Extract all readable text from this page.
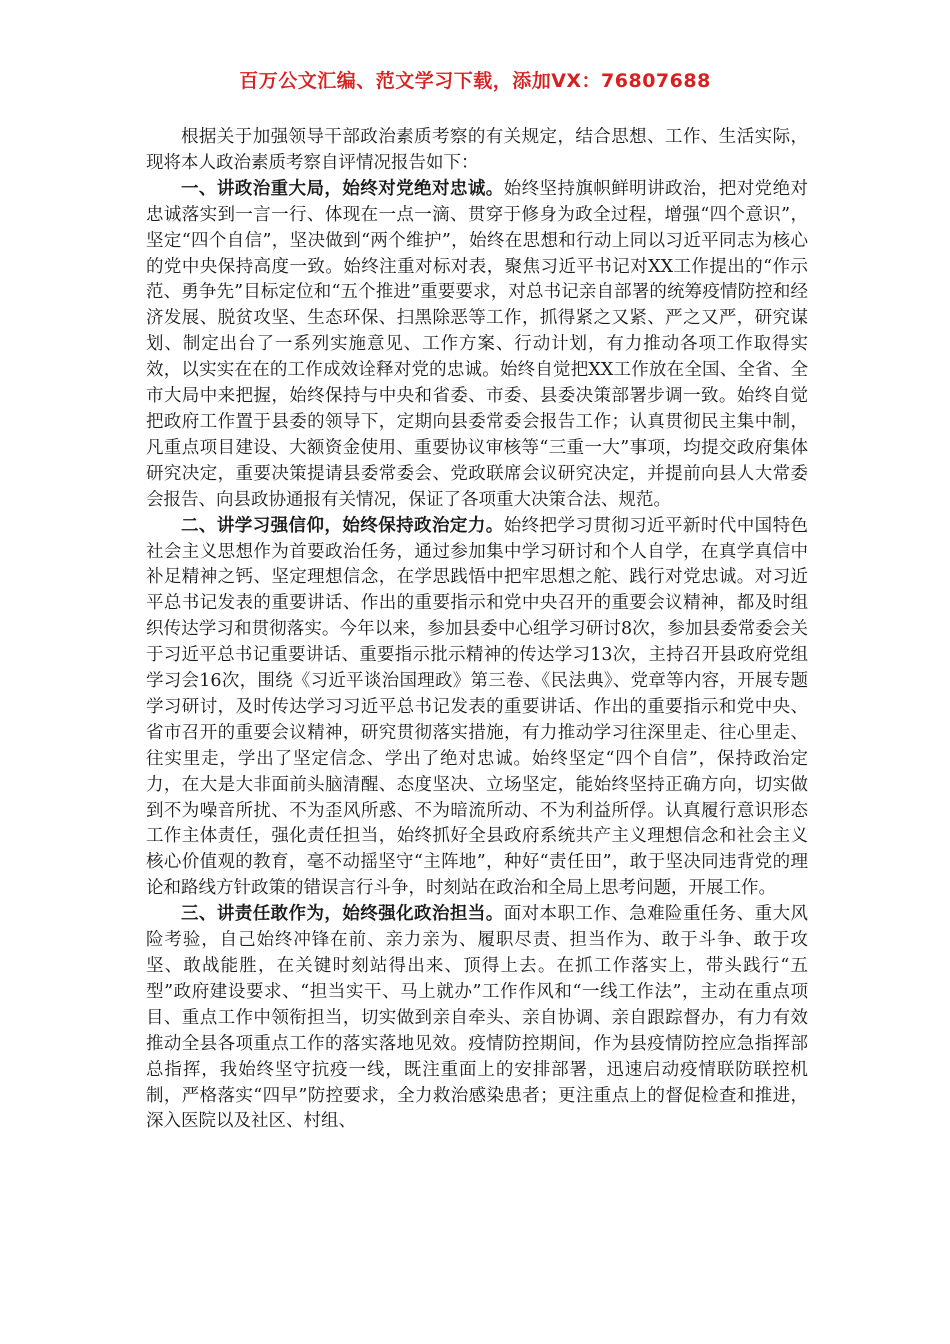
百万公文汇编、范文学习下载，添加VX：76807688

根据关于加强领导干部政治素质考察的有关规定，结合思想、工作、生活实际，现将本人政治素质考察自评情况报告如下：

一、讲政治重大局，始终对党绝对忠诚。始终坚持旗帜鲜明讲政治，把对党绝对忠诚落实到一言一行、体现在一点一滴、贯穿于修身为政全过程，增强“四个意识”，坚定“四个自信”，坚决做到“两个维护”，始终在思想和行动上同以习近平同志为核心的党中央保持高度一致。始终注重对标对表，聚焦习近平书记对XX工作提出的“作示范、勇争先”目标定位和“五个推进”重要要求，对总书记亲自部署的统筹疫情防控和经济发展、脱贫攻坚、生态环保、扫黑除恶等工作，抓得紧之又紧、严之又严，研究谋划、制定出台了一系列实施意见、工作方案、行动计划，有力推动各项工作取得实效，以实实在在的工作成效诠释对党的忠诚。始终自觉把XX工作放在全国、全省、全市大局中来把握，始终保持与中央和省委、市委、县委决策部署步调一致。始终自觉把政府工作置于县委的领导下，定期向县委常委会报告工作；认真贯彻民主集中制，凡重点项目建设、大额资金使用、重要协议审核等“三重一大”事项，均提交政府集体研究决定，重要决策提请县委常委会、党政联席会议研究决定，并提前向县人大常委会报告、向县政协通报有关情况，保证了各项重大决策合法、规范。

二、讲学习强信仰，始终保持政治定力。始终把学习贯彻习近平新时代中国特色社会主义思想作为首要政治任务，通过参加集中学习研讨和个人自学，在真学真信中补足精神之钙、坚定理想信念，在学思践悟中把牢思想之舵、践行对党忠诚。对习近平总书记发表的重要讲话、作出的重要指示和党中央召开的重要会议精神，都及时组织传达学习和贯彻落实。今年以来，参加县委中心组学习研讨8次，参加县委常委会关于习近平总书记重要讲话、重要指示批示精神的传达学习13次，主持召开县政府党组学习会16次，围绕《习近平谈治国理政》第三卷、《民法典》、党章等内容，开展专题学习研讨，及时传达学习习近平总书记发表的重要讲话、作出的重要指示和党中央、省市召开的重要会议精神，研究贯彻落实措施，有力推动学习往深里走、往心里走、往实里走，学出了坚定信念、学出了绝对忠诚。始终坚定“四个自信”，保持政治定力，在大是大非面前头脑清醒、态度坚决、立场坚定，能始终坚持正确方向，切实做到不为噪音所扰、不为歪风所惑、不为暗流所动、不为利益所俘。认真履行意识形态工作主体责任，强化责任担当，始终抓好全县政府系统共产主义理想信念和社会主义核心价值观的教育，毫不动摇坚守“主阵地”，种好“责任田”，敢于坚决同违背党的理论和路线方针政策的错误言行斗争，时刻站在政治和全局上思考问题，开展工作。

三、讲责任敢作为，始终强化政治担当。面对本职工作、急难险重任务、重大风险考验，自己始终冲锋在前、亲力亲为、履职尽责、担当作为、敢于斗争、敢于攻坚、敢战能胜，在关键时刻站得出来、顶得上去。在抓工作落实上，带头践行“五型”政府建设要求、“担当实干、马上就办”工作作风和“一线工作法”，主动在重点项目、重点工作中领衔担当，切实做到亲自牵头、亲自协调、亲自跟踪督办，有力有效推动全县各项重点工作的落实落地见效。疫情防控期间，作为县疫情防控应急指挥部总指挥，我始终坚守抗疫一线，既注重面上的安排部署，迅速启动疫情联防联控机制，严格落实“四早”防控要求，全力救治感染患者；更注重点上的督促检查和推进，深入医院以及社区、村组、
